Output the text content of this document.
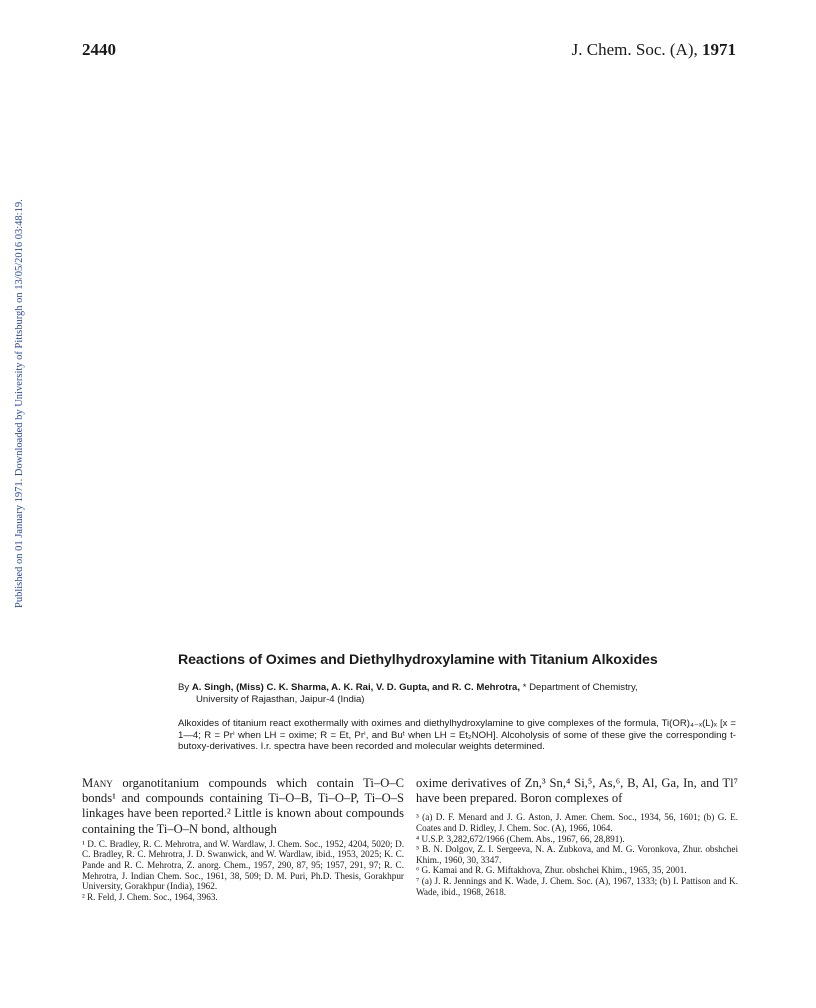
2440	J. Chem. Soc. (A), 1971
Published on 01 January 1971. Downloaded by University of Pittsburgh on 13/05/2016 03:48:19.
Reactions of Oximes and Diethylhydroxylamine with Titanium Alkoxides
By A. Singh, (Miss) C. K. Sharma, A. K. Rai, V. D. Gupta, and R. C. Mehrotra, * Department of Chemistry,
University of Rajasthan, Jaipur-4 (India)
Alkoxides of titanium react exothermally with oximes and diethylhydroxylamine to give complexes of the formula, Ti(OR)₄₋ₓ(L)ₓ [x = 1—4; R = Prⁱ when LH = oxime; R = Et, Prⁱ, and Buᵗ when LH = Et₂NOH]. Alcoholysis of some of these give the corresponding t-butoxy-derivatives. I.r. spectra have been recorded and molecular weights determined.

Many organotitanium compounds which contain Ti–O–C bonds¹ and compounds containing Ti–O–B, Ti–O–P, Ti–O–S linkages have been reported.² Little is known about compounds containing the Ti–O–N bond, although

¹ D. C. Bradley, R. C. Mehrotra, and W. Wardlaw, J. Chem. Soc., 1952, 4204, 5020; D. C. Bradley, R. C. Mehrotra, J. D. Swanwick, and W. Wardlaw, ibid., 1953, 2025; K. C. Pande and R. C. Mehrotra, Z. anorg. Chem., 1957, 290, 87, 95; 1957, 291, 97; R. C. Mehrotra, J. Indian Chem. Soc., 1961, 38, 509; D. M. Puri, Ph.D. Thesis, Gorakhpur University, Gorakhpur (India), 1962.

² R. Feld, J. Chem. Soc., 1964, 3963.

oxime derivatives of Zn,³ Sn,⁴ Si,⁵, As,⁶, B, Al, Ga, In, and Tl⁷ have been prepared. Boron complexes of

³ (a) D. F. Menard and J. G. Aston, J. Amer. Chem. Soc., 1934, 56, 1601; (b) G. E. Coates and D. Ridley, J. Chem. Soc. (A), 1966, 1064.

⁴ U.S.P. 3,282,672/1966 (Chem. Abs., 1967, 66, 28,891).

⁵ B. N. Dolgov, Z. I. Sergeeva, N. A. Zubkova, and M. G. Voronkova, Zhur. obshchei Khim., 1960, 30, 3347.

⁶ G. Kamai and R. G. Miftakhova, Zhur. obshchei Khim., 1965, 35, 2001.

⁷ (a) J. R. Jennings and K. Wade, J. Chem. Soc. (A), 1967, 1333; (b) I. Pattison and K. Wade, ibid., 1968, 2618.
